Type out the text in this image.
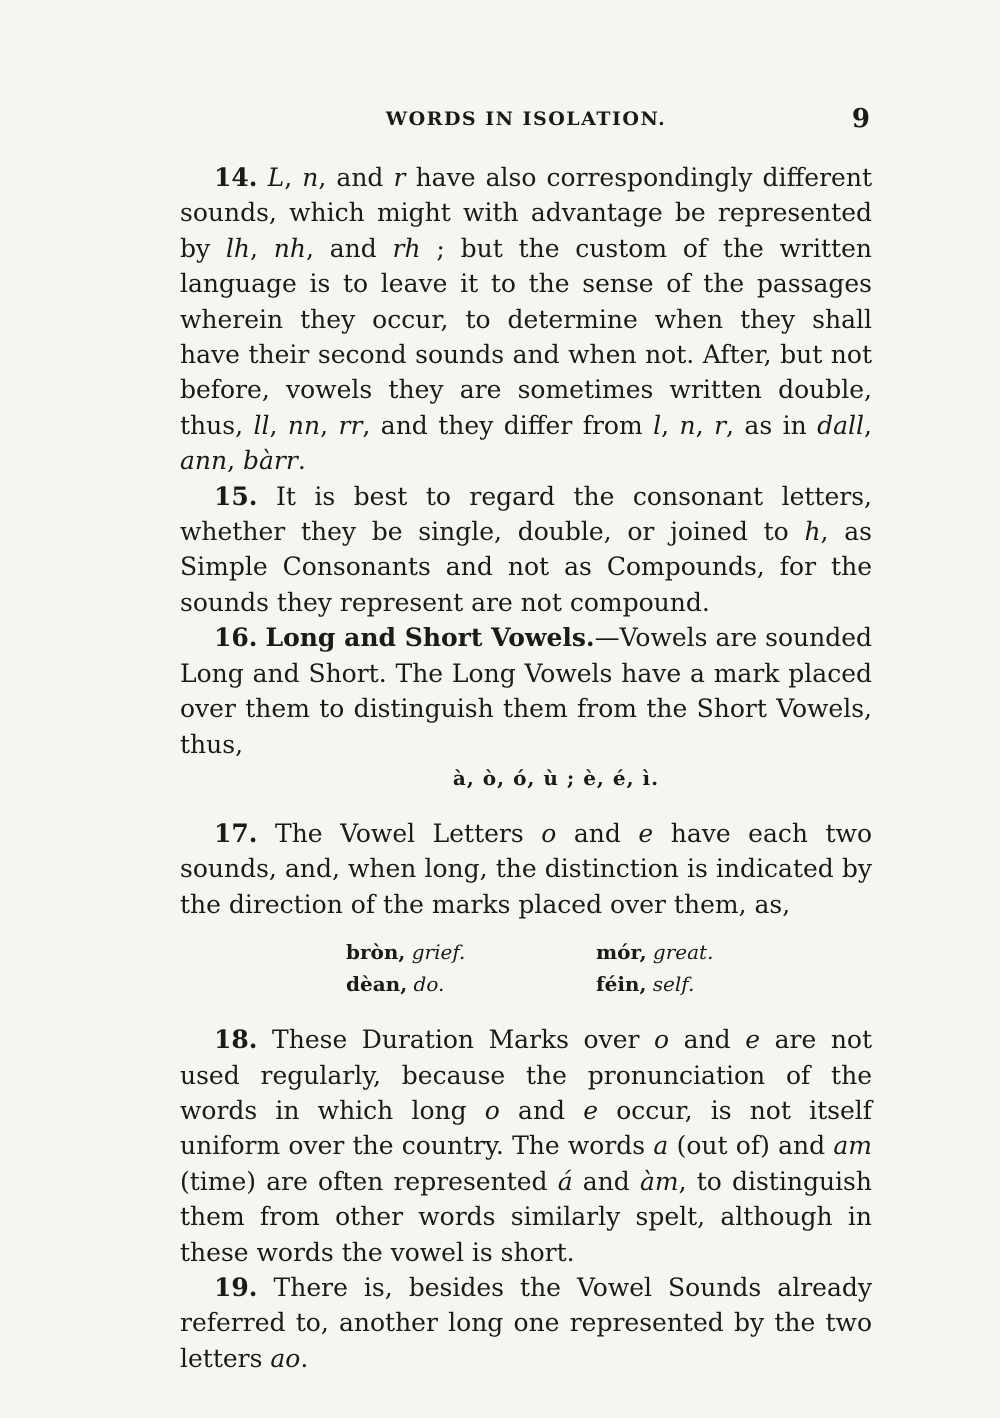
WORDS IN ISOLATION.	9

14. L, n, and r have also correspondingly different sounds, which might with advantage be represented by lh, nh, and rh ; but the custom of the written language is to leave it to the sense of the passages wherein they occur, to determine when they shall have their second sounds and when not. After, but not before, vowels they are sometimes written double, thus, ll, nn, rr, and they differ from l, n, r, as in dall, ann, bàrr.

15. It is best to regard the consonant letters, whether they be single, double, or joined to h, as Simple Consonants and not as Compounds, for the sounds they represent are not compound.

16. Long and Short Vowels.—Vowels are sounded Long and Short. The Long Vowels have a mark placed over them to distinguish them from the Short Vowels, thus,

à, ò, ó, ù ; è, é, ì.

17. The Vowel Letters o and e have each two sounds, and, when long, the distinction is indicated by the direction of the marks placed over them, as,

bròn, grief.	mór, great.
dèan, do.	féin, self.

18. These Duration Marks over o and e are not used regularly, because the pronunciation of the words in which long o and e occur, is not itself uniform over the country. The words a (out of) and am (time) are often represented á and àm, to distinguish them from other words similarly spelt, although in these words the vowel is short.

19. There is, besides the Vowel Sounds already referred to, another long one represented by the two letters ao.
